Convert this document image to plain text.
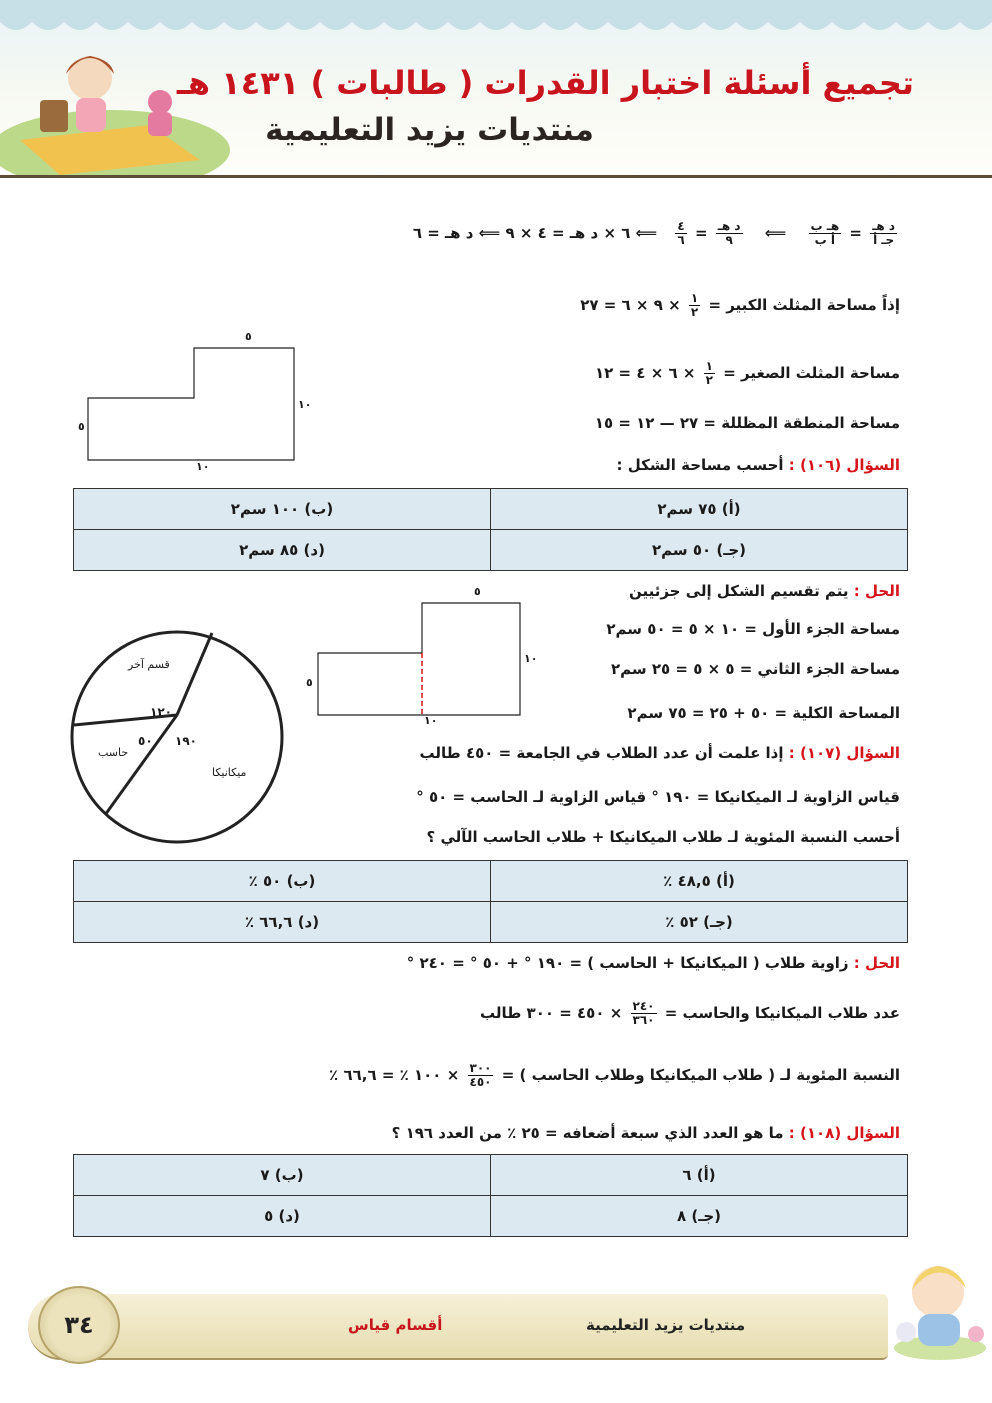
تجميع أسئلة اختبار القدرات ( طالبات ) ١٤٣١ هـ
منتديات يزيد التعليمية
$\frac{\text{د هـ}}{\text{جـ أ}}$
=
$\frac{\text{هـ ب}}{\text{أ ب}}$
⟸
$\frac{\text{د هـ}}{٩}$
=
$\frac{٤}{٦}$
⟸ ٦ × د هـ = ٤ × ٩ ⟸ د هـ = ٦
إذاً مساحة المثلث الكبير =
$\frac{١}{٢}$
× ٩ × ٦ = ٢٧
٥
١٠
٥
١٠
مساحة المثلث الصغير =
$\frac{١}{٢}$
× ٦ × ٤ = ١٢
مساحة المنطقة المظللة = ٢٧ — ١٢ = ١٥
السؤال (١٠٦) : أحسب مساحة الشكل :
(أ) ٧٥ سم٢	(ب) ١٠٠ سم٢
(جـ) ٥٠ سم٢	(د) ٨٥ سم٢
الحل : يتم تقسيم الشكل إلى جزئيين
مساحة الجزء الأول = ١٠ × ٥ = ٥٠ سم٢
مساحة الجزء الثاني = ٥ × ٥ = ٢٥ سم٢
المساحة الكلية = ٥٠ + ٢٥ = ٧٥ سم٢
٥
١٠
٥
١٠
قسم آخر
١٢٠
٥٠ ١٩٠
حاسب
ميكانيكا
السؤال (١٠٧) : إذا علمت أن عدد الطلاب في الجامعة = ٤٥٠ طالب
قياس الزاوية لـ الميكانيكا = ١٩٠ ° قياس الزاوية لـ الحاسب = ٥٠ °
أحسب النسبة المئوية لـ طلاب الميكانيكا + طلاب الحاسب الآلي ؟
(أ) ٤٨,٥ ٪	(ب) ٥٠ ٪
(جـ) ٥٢ ٪	(د) ٦٦,٦ ٪
الحل : زاوية طلاب ( الميكانيكا + الحاسب ) = ١٩٠ ° + ٥٠ ° = ٢٤٠ °
عدد طلاب الميكانيكا والحاسب =
$\frac{٢٤٠}{٣٦٠}$
× ٤٥٠ = ٣٠٠ طالب
النسبة المئوية لـ ( طلاب الميكانيكا وطلاب الحاسب ) =
$\frac{٣٠٠}{٤٥٠}$
× ١٠٠ ٪ = ٦٦,٦ ٪
السؤال (١٠٨) : ما هو العدد الذي سبعة أضعافه = ٢٥ ٪ من العدد ١٩٦ ؟
(أ) ٦	(ب) ٧
(جـ) ٨	(د) ٥
٣٤	أقسام قياس	منتديات يزيد التعليمية
